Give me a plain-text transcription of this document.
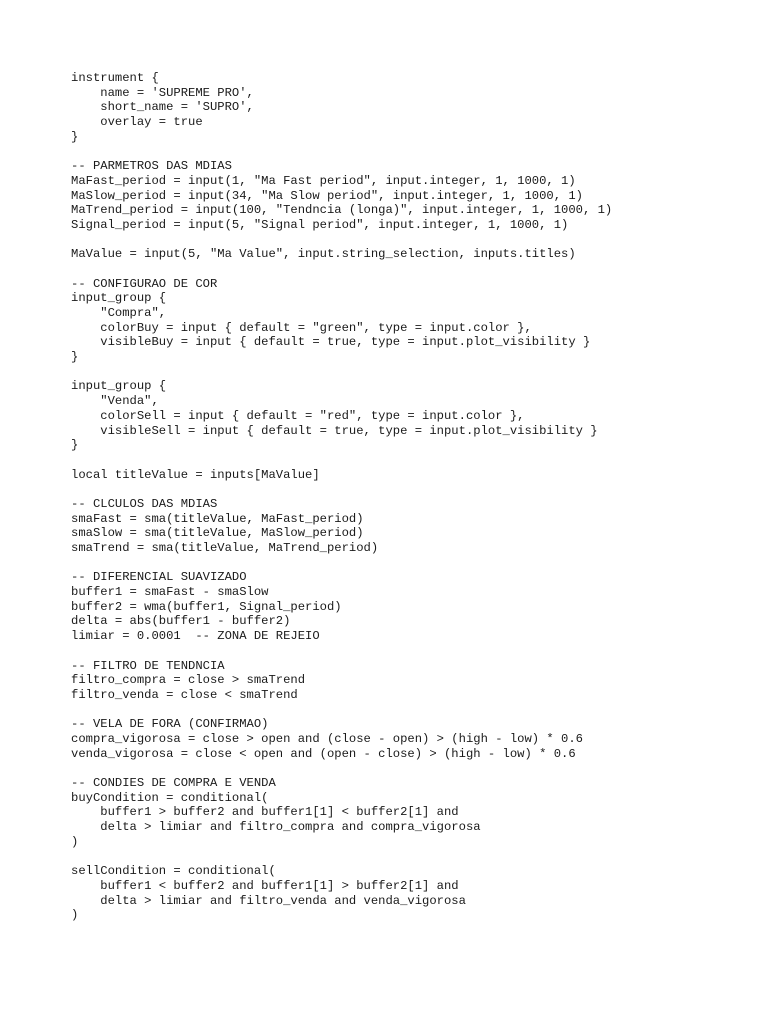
instrument {
name = 'SUPREME PRO',
short_name = 'SUPRO',
overlay = true
}
-- PARMETROS DAS MDIAS
MaFast_period = input(1, "Ma Fast period", input.integer, 1, 1000, 1)
MaSlow_period = input(34, "Ma Slow period", input.integer, 1, 1000, 1)
MaTrend_period = input(100, "Tendncia (longa)", input.integer, 1, 1000, 1)
Signal_period = input(5, "Signal period", input.integer, 1, 1000, 1)
MaValue = input(5, "Ma Value", input.string_selection, inputs.titles)
-- CONFIGURAO DE COR
input_group {
"Compra",
colorBuy = input { default = "green", type = input.color },
visibleBuy = input { default = true, type = input.plot_visibility }
}
input_group {
"Venda",
colorSell = input { default = "red", type = input.color },
visibleSell = input { default = true, type = input.plot_visibility }
}
local titleValue = inputs[MaValue]
-- CLCULOS DAS MDIAS
smaFast = sma(titleValue, MaFast_period)
smaSlow = sma(titleValue, MaSlow_period)
smaTrend = sma(titleValue, MaTrend_period)
-- DIFERENCIAL SUAVIZADO
buffer1 = smaFast - smaSlow
buffer2 = wma(buffer1, Signal_period)
delta = abs(buffer1 - buffer2)
limiar = 0.0001  -- ZONA DE REJEIO
-- FILTRO DE TENDNCIA
filtro_compra = close > smaTrend
filtro_venda = close < smaTrend
-- VELA DE FORA (CONFIRMAO)
compra_vigorosa = close > open and (close - open) > (high - low) * 0.6
venda_vigorosa = close < open and (open - close) > (high - low) * 0.6
-- CONDIES DE COMPRA E VENDA
buyCondition = conditional(
buffer1 > buffer2 and buffer1[1] < buffer2[1] and
delta > limiar and filtro_compra and compra_vigorosa
)
sellCondition = conditional(
buffer1 < buffer2 and buffer1[1] > buffer2[1] and
delta > limiar and filtro_venda and venda_vigorosa
)
